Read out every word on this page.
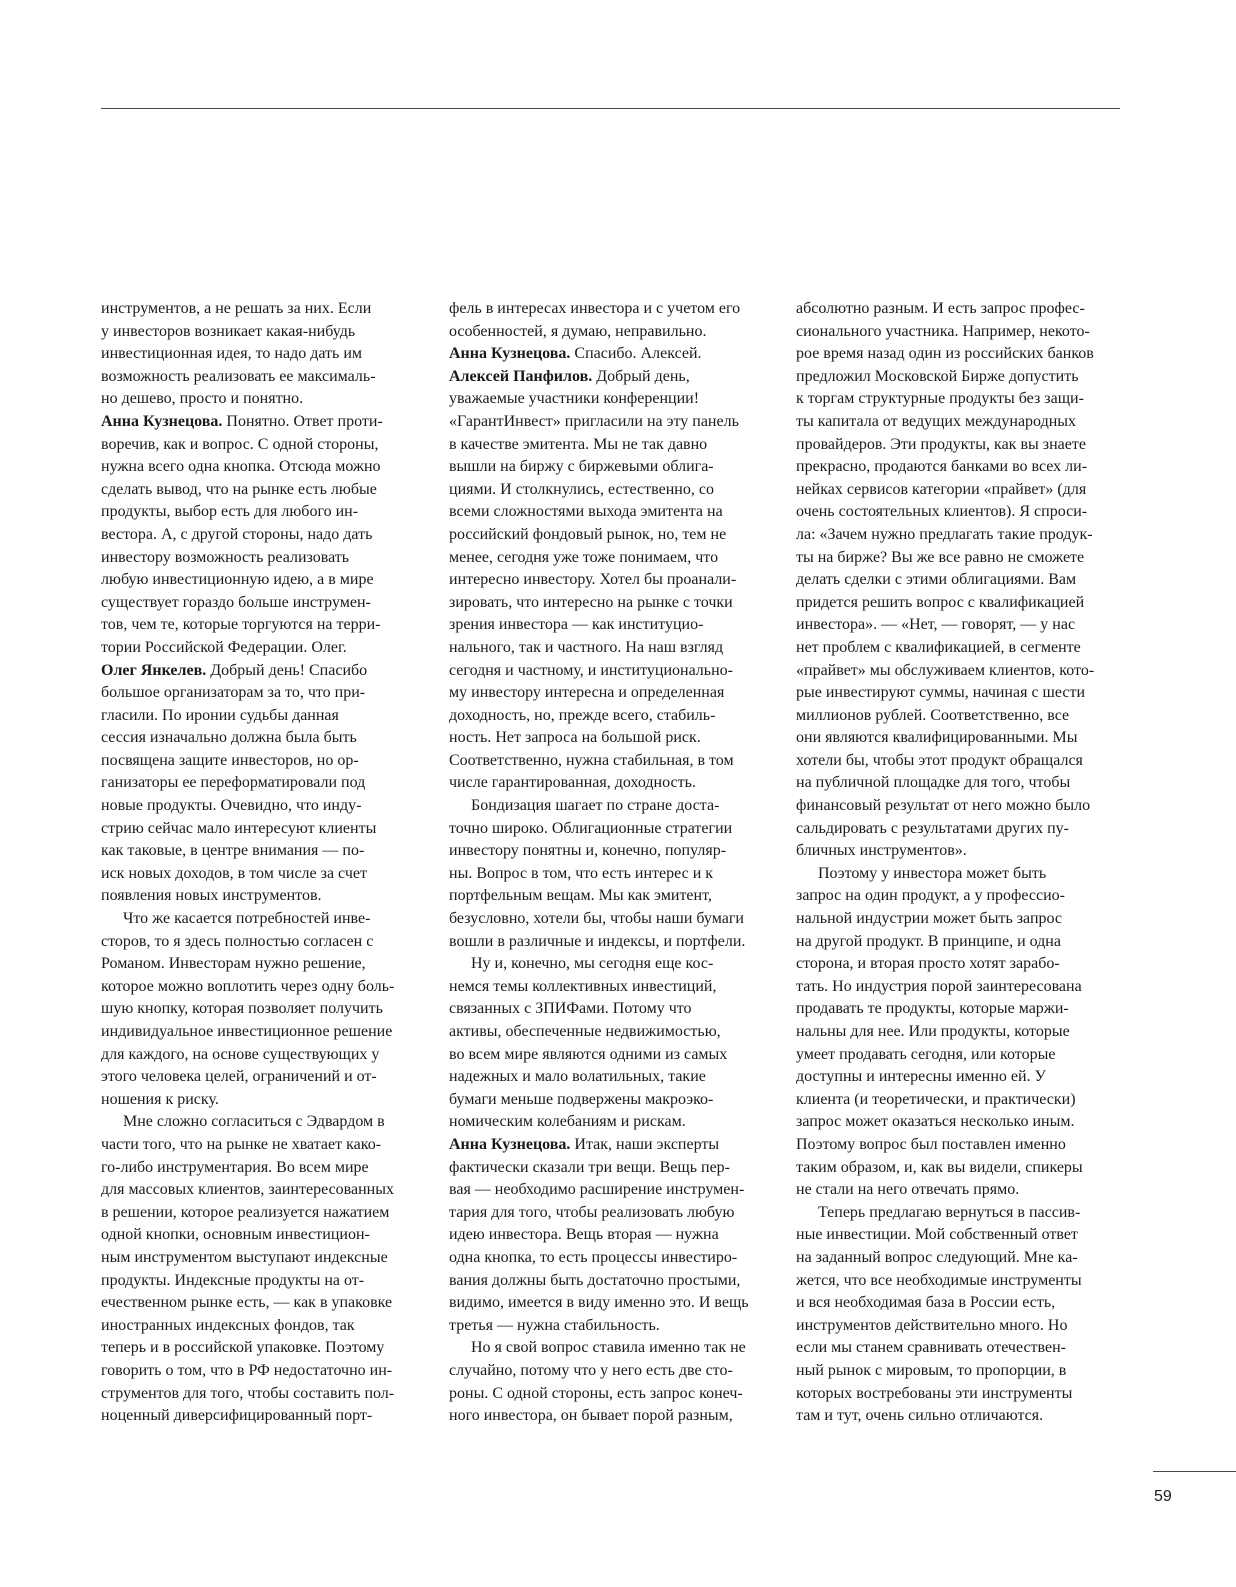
инструментов, а не решать за них. Если
у инвесторов возникает какая-нибудь
инвестиционная идея, то надо дать им
возможность реализовать ее максималь-
но дешево, просто и понятно.
Анна Кузнецова. Понятно. Ответ проти-
воречив, как и вопрос. С одной стороны,
нужна всего одна кнопка. Отсюда можно
сделать вывод, что на рынке есть любые
продукты, выбор есть для любого ин-
вестора. А, с другой стороны, надо дать
инвестору возможность реализовать
любую инвестиционную идею, а в мире
существует гораздо больше инструмен-
тов, чем те, которые торгуются на терри-
тории Российской Федерации. Олег.
Олег Янкелев. Добрый день! Спасибо
большое организаторам за то, что при-
гласили. По иронии судьбы данная
сессия изначально должна была быть
посвящена защите инвесторов, но ор-
ганизаторы ее переформатировали под
новые продукты. Очевидно, что инду-
стрию сейчас мало интересуют клиенты
как таковые, в центре внимания — по-
иск новых доходов, в том числе за счет
появления новых инструментов.
Что же касается потребностей инве-
сторов, то я здесь полностью согласен с
Романом. Инвесторам нужно решение,
которое можно воплотить через одну боль-
шую кнопку, которая позволяет получить
индивидуальное инвестиционное решение
для каждого, на основе существующих у
этого человека целей, ограничений и от-
ношения к риску.
Мне сложно согласиться с Эдвардом в
части того, что на рынке не хватает како-
го-либо инструментария. Во всем мире
для массовых клиентов, заинтересованных
в решении, которое реализуется нажатием
одной кнопки, основным инвестицион-
ным инструментом выступают индексные
продукты. Индексные продукты на от-
ечественном рынке есть, — как в упаковке
иностранных индексных фондов, так
теперь и в российской упаковке. Поэтому
говорить о том, что в РФ недостаточно ин-
струментов для того, чтобы составить пол-
ноценный диверсифицированный порт-
фель в интересах инвестора и с учетом его
особенностей, я думаю, неправильно.
Анна Кузнецова. Спасибо. Алексей.
Алексей Панфилов. Добрый день,
уважаемые участники конференции!
«ГарантИнвест» пригласили на эту панель
в качестве эмитента. Мы не так давно
вышли на биржу с биржевыми облига-
циями. И столкнулись, естественно, со
всеми сложностями выхода эмитента на
российский фондовый рынок, но, тем не
менее, сегодня уже тоже понимаем, что
интересно инвестору. Хотел бы проанали-
зировать, что интересно на рынке с точки
зрения инвестора — как институцио-
нального, так и частного. На наш взгляд
сегодня и частному, и институционально-
му инвестору интересна и определенная
доходность, но, прежде всего, стабиль-
ность. Нет запроса на большой риск.
Соответственно, нужна стабильная, в том
числе гарантированная, доходность.
Бондизация шагает по стране доста-
точно широко. Облигационные стратегии
инвестору понятны и, конечно, популяр-
ны. Вопрос в том, что есть интерес и к
портфельным вещам. Мы как эмитент,
безусловно, хотели бы, чтобы наши бумаги
вошли в различные и индексы, и портфели.
Ну и, конечно, мы сегодня еще кос-
немся темы коллективных инвестиций,
связанных с ЗПИФами. Потому что
активы, обеспеченные недвижимостью,
во всем мире являются одними из самых
надежных и мало волатильных, такие
бумаги меньше подвержены макроэко-
номическим колебаниям и рискам.
Анна Кузнецова. Итак, наши эксперты
фактически сказали три вещи. Вещь пер-
вая — необходимо расширение инструмен-
тария для того, чтобы реализовать любую
идею инвестора. Вещь вторая — нужна
одна кнопка, то есть процессы инвестиро-
вания должны быть достаточно простыми,
видимо, имеется в виду именно это. И вещь
третья — нужна стабильность.
Но я свой вопрос ставила именно так не
случайно, потому что у него есть две сто-
роны. С одной стороны, есть запрос конеч-
ного инвестора, он бывает порой разным,
абсолютно разным. И есть запрос профес-
сионального участника. Например, некото-
рое время назад один из российских банков
предложил Московской Бирже допустить
к торгам структурные продукты без защи-
ты капитала от ведущих международных
провайдеров. Эти продукты, как вы знаете
прекрасно, продаются банками во всех ли-
нейках сервисов категории «прайвет» (для
очень состоятельных клиентов). Я спроси-
ла: «Зачем нужно предлагать такие продук-
ты на бирже? Вы же все равно не сможете
делать сделки с этими облигациями. Вам
придется решить вопрос с квалификацией
инвестора». — «Нет, — говорят, — у нас
нет проблем с квалификацией, в сегменте
«прайвет» мы обслуживаем клиентов, кото-
рые инвестируют суммы, начиная с шести
миллионов рублей. Соответственно, все
они являются квалифицированными. Мы
хотели бы, чтобы этот продукт обращался
на публичной площадке для того, чтобы
финансовый результат от него можно было
сальдировать с результатами других пу-
бличных инструментов».
Поэтому у инвестора может быть
запрос на один продукт, а у профессио-
нальной индустрии может быть запрос
на другой продукт. В принципе, и одна
сторона, и вторая просто хотят зарабо-
тать. Но индустрия порой заинтересована
продавать те продукты, которые маржи-
нальны для нее. Или продукты, которые
умеет продавать сегодня, или которые
доступны и интересны именно ей. У
клиента (и теоретически, и практически)
запрос может оказаться несколько иным.
Поэтому вопрос был поставлен именно
таким образом, и, как вы видели, спикеры
не стали на него отвечать прямо.
Теперь предлагаю вернуться в пассив-
ные инвестиции. Мой собственный ответ
на заданный вопрос следующий. Мне ка-
жется, что все необходимые инструменты
и вся необходимая база в России есть,
инструментов действительно много. Но
если мы станем сравнивать отечествен-
ный рынок с мировым, то пропорции, в
которых востребованы эти инструменты
там и тут, очень сильно отличаются.
59
